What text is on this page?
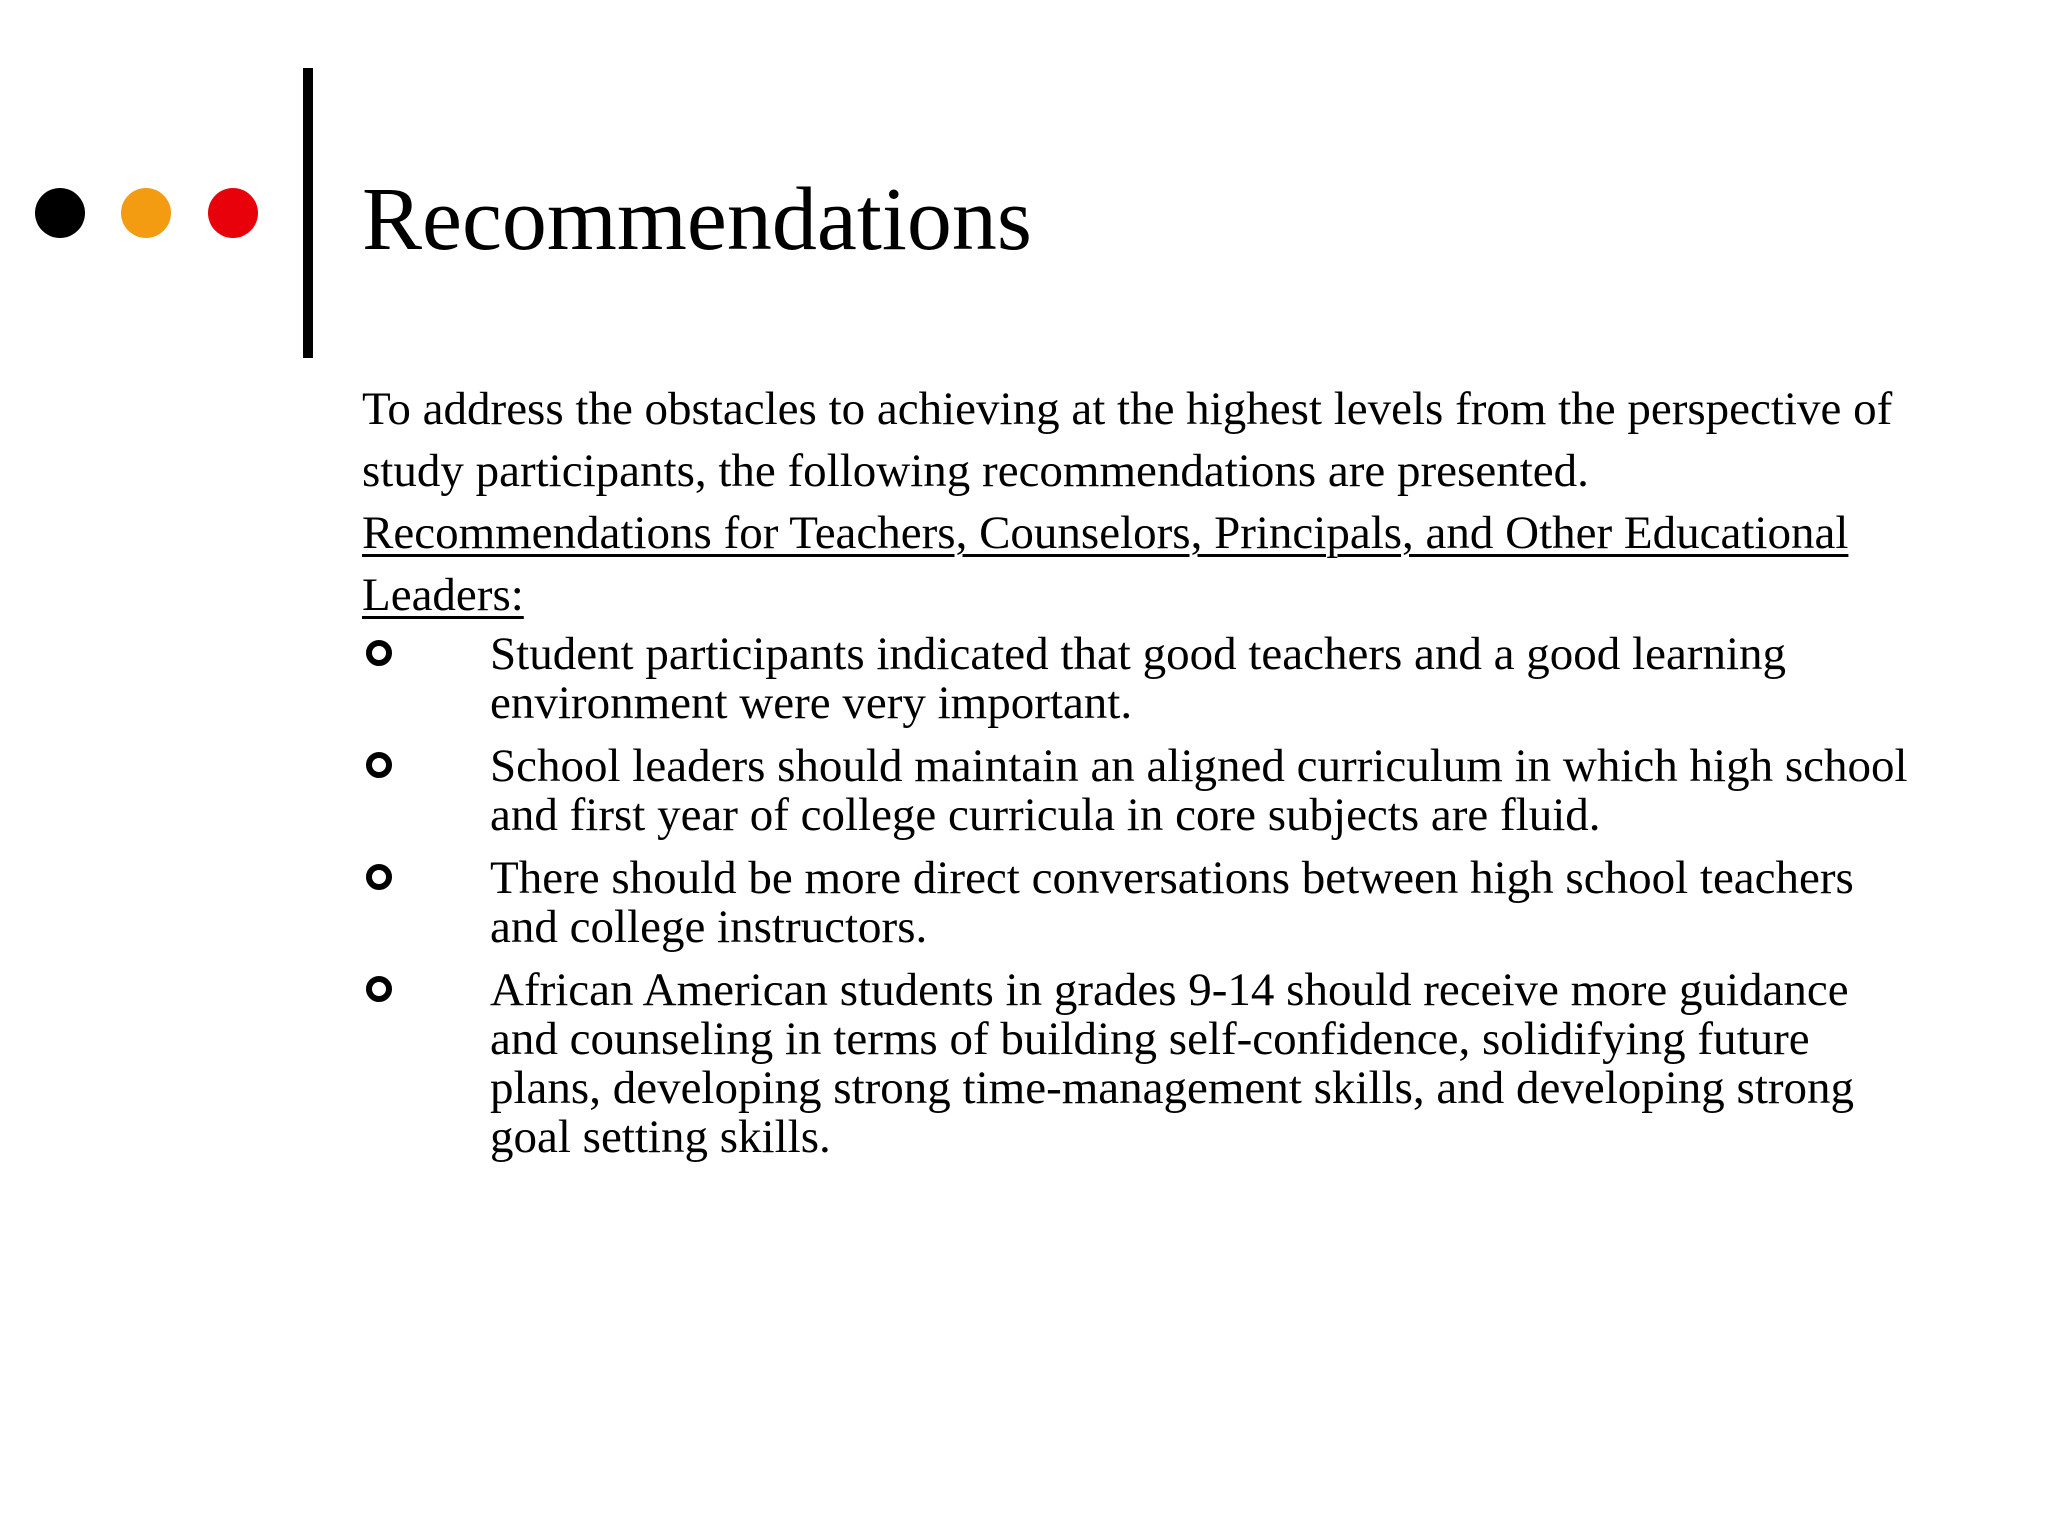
Recommendations
To address the obstacles to achieving at the highest levels from the perspective of study participants, the following recommendations are presented.
Recommendations for Teachers, Counselors, Principals, and Other Educational Leaders:
Student participants indicated that good teachers and a good learning environment were very important.
School leaders should maintain an aligned curriculum in which high school and first year of college curricula in core subjects are fluid.
There should be more direct conversations between high school teachers and college instructors.
African American students in grades 9-14 should receive more guidance and counseling in terms of building self-confidence, solidifying future plans, developing strong time-management skills, and developing strong goal setting skills.
